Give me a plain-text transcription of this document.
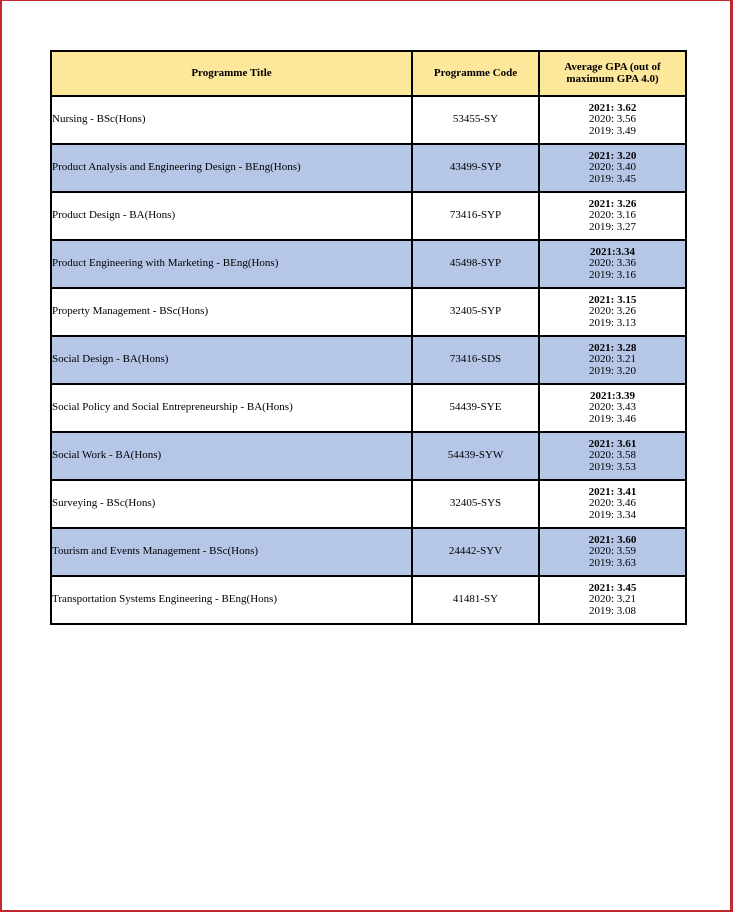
Programme Title	Programme Code	Average GPA (out of maximum GPA 4.0)
Nursing - BSc(Hons)	53455-SY	2021: 3.62
2020: 3.56
2019: 3.49

Product Analysis and Engineering Design - BEng(Hons)	43499-SYP	2021: 3.20
2020: 3.40
2019: 3.45

Product Design - BA(Hons)	73416-SYP	2021: 3.26
2020: 3.16
2019: 3.27

Product Engineering with Marketing - BEng(Hons)	45498-SYP	2021:3.34
2020: 3.36
2019: 3.16

Property Management - BSc(Hons)	32405-SYP	2021: 3.15
2020: 3.26
2019: 3.13

Social Design - BA(Hons)	73416-SDS	2021: 3.28
2020: 3.21
2019: 3.20

Social Policy and Social Entrepreneurship - BA(Hons)	54439-SYE	2021:3.39
2020: 3.43
2019: 3.46

Social Work - BA(Hons)	54439-SYW	2021: 3.61
2020: 3.58
2019: 3.53

Surveying - BSc(Hons)	32405-SYS	2021: 3.41
2020: 3.46
2019: 3.34

Tourism and Events Management - BSc(Hons)	24442-SYV	2021: 3.60
2020: 3.59
2019: 3.63

Transportation Systems Engineering - BEng(Hons)	41481-SY	2021: 3.45
2020: 3.21
2019: 3.08
